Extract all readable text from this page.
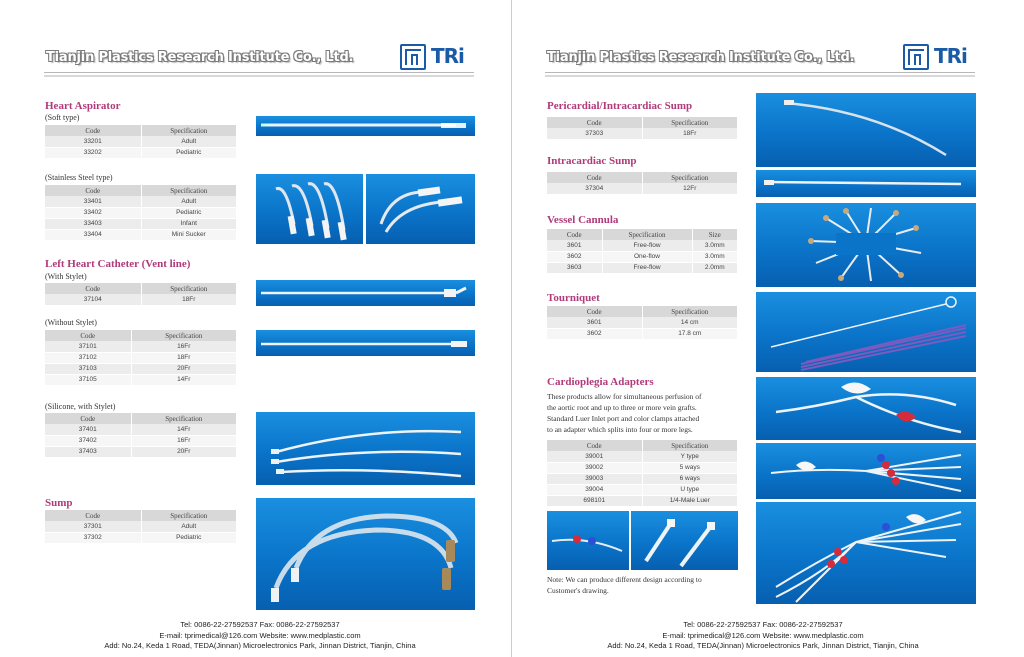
Tianjin Plastics Research Institute Co., Ltd.	TRi
Heart Aspirator
(Soft type)
Code	Specification
33201	Adult
33202	Pediatric
(Stainless Steel type)
Code	Specification
33401	Adult
33402	Pediatric
33403	Infant
33404	Mini Sucker
Left Heart Catheter (Vent line)
(With Stylet)
Code	Specification
37104	18Fr
(Without Stylet)
Code	Specification
37101	16Fr
37102	18Fr
37103	20Fr
37105	14Fr
(Silicone, with Stylet)
Code	Specification
37401	14Fr
37402	16Fr
37403	20Fr
Sump
Code	Specification
37301	Adult
37302	Pediatric
Tel: 0086-22-27592537 Fax: 0086-22-27592537
E-mail: tprimedical@126.com Website: www.medplastic.com
Add: No.24, Keda 1 Road, TEDA(Jinnan) Microelectronics Park, Jinnan District, Tianjin, China
Tianjin Plastics Research Institute Co., Ltd.	TRi
Pericardial/Intracardiac Sump
Code	Specification
37303	18Fr
Intracardiac Sump
Code	Specification
37304	12Fr
Vessel Cannula
Code	Specification	Size
3601	Free-flow	3.0mm
3602	One-flow	3.0mm
3603	Free-flow	2.0mm
Tourniquet
Code	Specification
3601	14 cm
3602	17.8 cm
Cardioplegia Adapters
These products allow for simultaneous perfusion of
the aortic root and up to three or more vein grafts.
Standard Luer Inlet port and color clamps attached
to an adapter which splits into four or more legs.
Code	Specification
39001	Y type
39002	5 ways
39003	6 ways
39004	U type
698101	1/4-Male Luer
Note: We can produce different design according to
Customer's drawing.
Tel: 0086-22-27592537 Fax: 0086-22-27592537
E-mail: tprimedical@126.com Website: www.medplastic.com
Add: No.24, Keda 1 Road, TEDA(Jinnan) Microelectronics Park, Jinnan District, Tianjin, China
